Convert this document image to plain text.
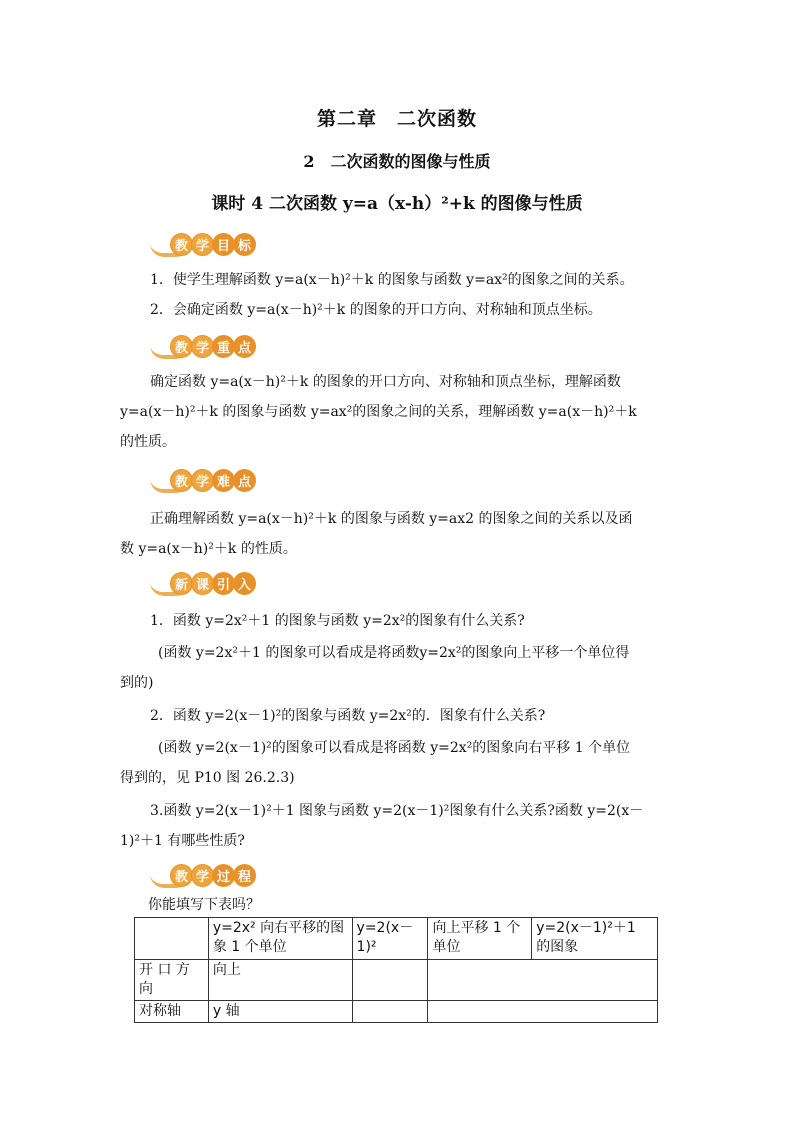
第二章　二次函数
2　二次函数的图像与性质
课时 4 二次函数 y=a（x-h）²+k 的图像与性质
教 学 目 标
1．使学生理解函数 y=a(x－h)²＋k 的图象与函数 y=ax²的图象之间的关系。
2．会确定函数 y=a(x－h)²＋k 的图象的开口方向、对称轴和顶点坐标。
教 学 重 点
确定函数 y=a(x－h)²＋k 的图象的开口方向、对称轴和顶点坐标，理解函数
y=a(x－h)²＋k 的图象与函数 y=ax²的图象之间的关系，理解函数 y=a(x－h)²＋k
的性质。
教 学 难 点
正确理解函数 y=a(x－h)²＋k 的图象与函数 y=ax2 的图象之间的关系以及函
数 y=a(x－h)²＋k 的性质。
新 课 引 入
1．函数 y=2x²＋1 的图象与函数 y=2x²的图象有什么关系?
(函数 y=2x²＋1 的图象可以看成是将函数y=2x²的图象向上平移一个单位得
到的)
2．函数 y=2(x－1)²的图象与函数 y=2x²的．图象有什么关系?
(函数 y=2(x－1)²的图象可以看成是将函数 y=2x²的图象向右平移 1 个单位
得到的，见 P10 图 26.2.3)
3.函数 y=2(x－1)²＋1 图象与函数 y=2(x－1)²图象有什么关系?函数 y=2(x－
1)²＋1 有哪些性质?
教 学 过 程
你能填写下表吗？
	y=2x² 向右平移的图象 1 个单位	y=2(x－1)²	向上平移 1 个单位	y=2(x－1)²＋1 的图象
开 口 方向	向上			
对称轴	y 轴			
